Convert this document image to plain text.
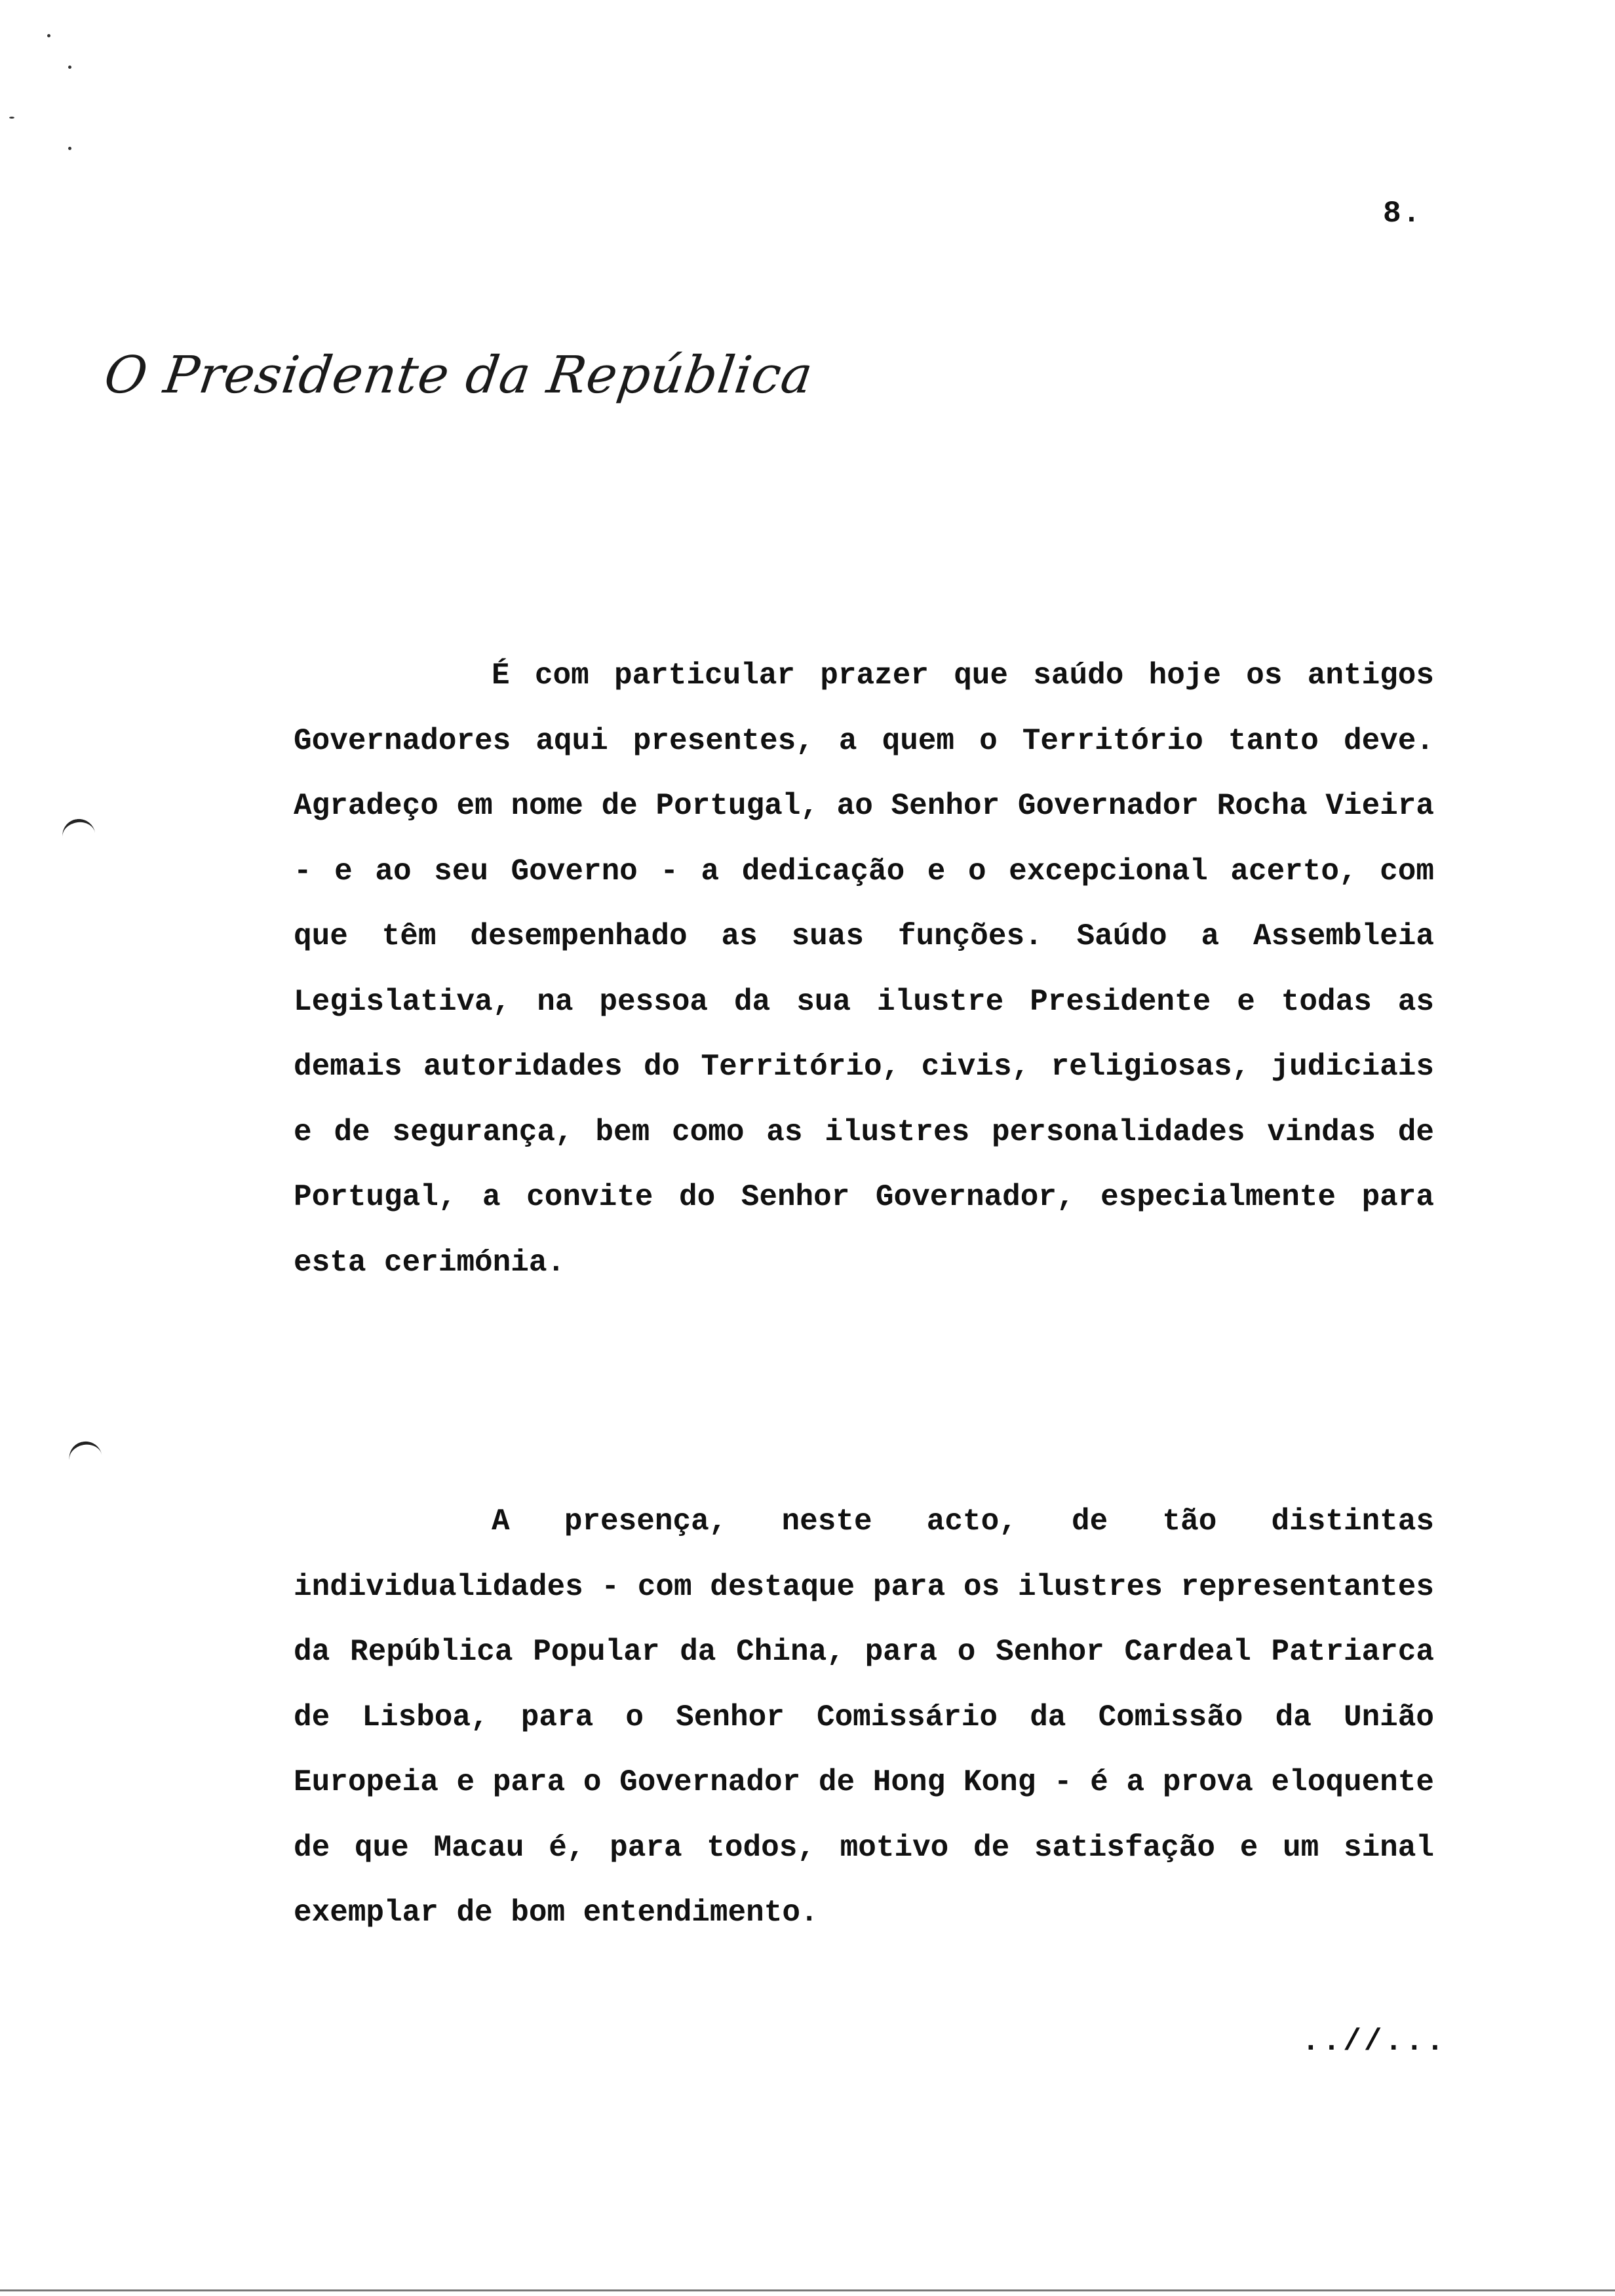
8.
O Presidente da República

É com particular prazer que saúdo hoje os antigos Governadores aqui presentes, a quem o Território tanto deve. Agradeço em nome de Portugal, ao Senhor Governador Rocha Vieira - e ao seu Governo - a dedicação e o excepcional acerto, com que têm desempenhado as suas funções. Saúdo a Assembleia Legislativa, na pessoa da sua ilustre Presidente e todas as demais autoridades do Território, civis, religiosas, judiciais e de segurança, bem como as ilustres personalidades vindas de Portugal, a convite do Senhor Governador, especialmente para esta cerimónia.

A presença, neste acto, de tão distintas individualidades - com destaque para os ilustres representantes da República Popular da China, para o Senhor Cardeal Patriarca de Lisboa, para o Senhor Comissário da Comissão da União Europeia e para o Governador de Hong Kong - é a prova eloquente de que Macau é, para todos, motivo de satisfação e um sinal exemplar de bom entendimento.

..//...
